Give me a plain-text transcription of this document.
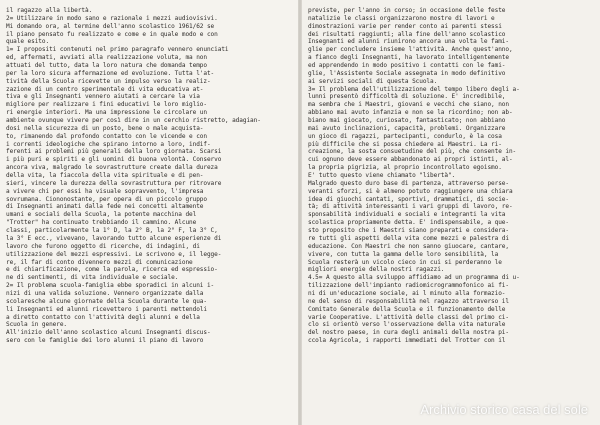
il ragazzo alla libertà.
2= Utilizzare in modo sano e razionale i mezzi audiovisivi.
Mi domando ora, al termine dell'anno scolastico 1961/62 se
il piano pensato fu realizzato e come e in quale modo e con
quale esito.
1= I propositi contenuti nel primo paragrafo vennero enunciati
ed, affermati, avviati alla realizzazione voluta, ma non
attuati del tutto, data la loro natura che domanda tempo
per la loro sicura affermazione ed evoluzione. Tutta l'at-
tività della Scuola ricevette un impulso verso la realiz-
zazione di un centro sperimentale di vita educativa at-
tiva e gli Insegnanti vennero aiutati a cercare la via
migliore per realizzare i fini educativi le loro miglio-
ri energie interiori. Ma una impressione le circolare un
ambiente ovunque vivere per così dire in un cerchio ristretto, adagian-
dosi nella sicurezza di un posto, bene o male acquista-
to, rimanendo dal profondo contatto con le vicende e con
i correnti ideologiche che spirano intorno a loro, indif-
ferenti ai problemi più generali della loro giornata. Scarsi
i più puri e spiriti e gli uomini di buona volontà. Conservo
ancora viva, malgrado le sovrastrutture create dalla dureza
della vita, la fiaccola della vita spirituale e di pen-
sieri, vincere la durezza della sovrastruttura per ritrovare
a vivere chi per essi ha visuale sopravvento, l'impresa
sovrumana. Ciononostante, per opera di un piccolo gruppo
di Insegnanti animati dalla fede nei concetti altamente
umani e sociali della Scuola, la potente macchina del
"Trotter" ha continuato trebbiando il cammino. Alcune
classi, particolarmente la 1° D, la 2° B, la 2° F, la 3° C,
la 3° E ecc., vivevano, lavorando tutto alcune esperienze di
lavoro che furono oggetto di ricerche, di indagini, di
utilizzazione del mezzi espressivi. Le scrivono e, il legge-
re, il far di conto divennero mezzi di comunicazione
e di chiarificazione, come la parola, ricerca ed espressio-
ne di sentimenti, di vita individuale e sociale.
2= Il problema scuola-famiglia ebbe sporadici in alcuni i-
nizi di una valida soluzione. Vennero organizzate dalla
scolaresche alcune giornate della Scuola durante le qua-
li Insegnanti ed alunni ricevettero i parenti mettendoli
a diretto contatto con l'attività degli alunni e della
Scuola in genere.
All'inizio dell'anno scolastico alcuni Insegnanti discus-
sero con le famiglie dei loro alunni il piano di lavoro
previste, per l'anno in corso; in occasione delle feste
natalizie le classi organizzarono mostre di lavori e
dimostrazioni varie per render conto ai parenti stessi
dei risultati raggiunti; alla fine dell'anno scolastico
Insegnanti ed alunni riunirono ancora una volta le fami-
glie per concludere insieme l'attività. Anche quest'anno,
a fianco degli Insegnanti, ha lavorato intelligentemente
ed apprendendo in modo positivo i contatti con le fami-
glie, l'Assistente Sociale assegnata in modo definitivo
ai servizi sociali di questa Scuola.
3= Il problema dell'utilizzazione del tempo libero degli a-
lunni presentò difficoltà di soluzione. E' incredibile,
ma sembra che i Maestri, giovani e vecchi che siano, non
abbiano mai avuto infanzia e non se la ricordino; non ab-
biano mai giocato, curiosato, fantasticato; non abbiano
mai avuto inclinazioni, capacità, problemi. Organizzare
un gioco di ragazzi, partecipanti, condurlo, è la cosa
più difficile che si possa chiedere ai Maestri. La ri-
creazione, la sosta consuetudine del più, che consente in-
cui ognuno deve essere abbandonato ai propri istinti, al-
la propria pigrizia, al proprio incontrollato egoismo.
E' tutto questo viene chiamato "libertà".
Malgrado questo duro base di partenza, attraverso perse-
veranti sforzi, si è almeno potuto raggiungere una chiara
idea di giuochi cantati, sportivi, drammatici, di socie-
tà; di attività interessanti i vari gruppi di lavoro, re-
sponsabilità individuali e sociali e integranti la vita
scolastica propriamente detta. E' indispensabile, a que-
sto proposito che i Maestri siano preparati e considera-
re tutti gli aspetti della vita come mezzi e palestra di
educazione. Con Maestri che non sanno giuocare, cantare,
vivere, con tutta la gamma delle loro sensibilità, la
Scuola resterà un vicolo cieco in cui si perderanno le
migliori energie della nostri ragazzi.
4.5= A questo alla sviluppo affidiamo ad un programma di u-
tilizzazione dell'impianto radiomicrogrammofonico ai fi-
ni di un'educazione sociale, ai l minuto alla formazio-
ne del senso di responsabilità nel ragazzo attraverso il
Comitato Generale della Scuola e il funzionamento delle
varie Cooperative. L'attività delle classi del primo ci-
clo si orientò verso l'osservazione della vita naturale
del nostro paese, in cura degli animali della nostra pi-
ccola Agricola, i rapporti immediati del Trotter con il
Archivio storico casa del sole
